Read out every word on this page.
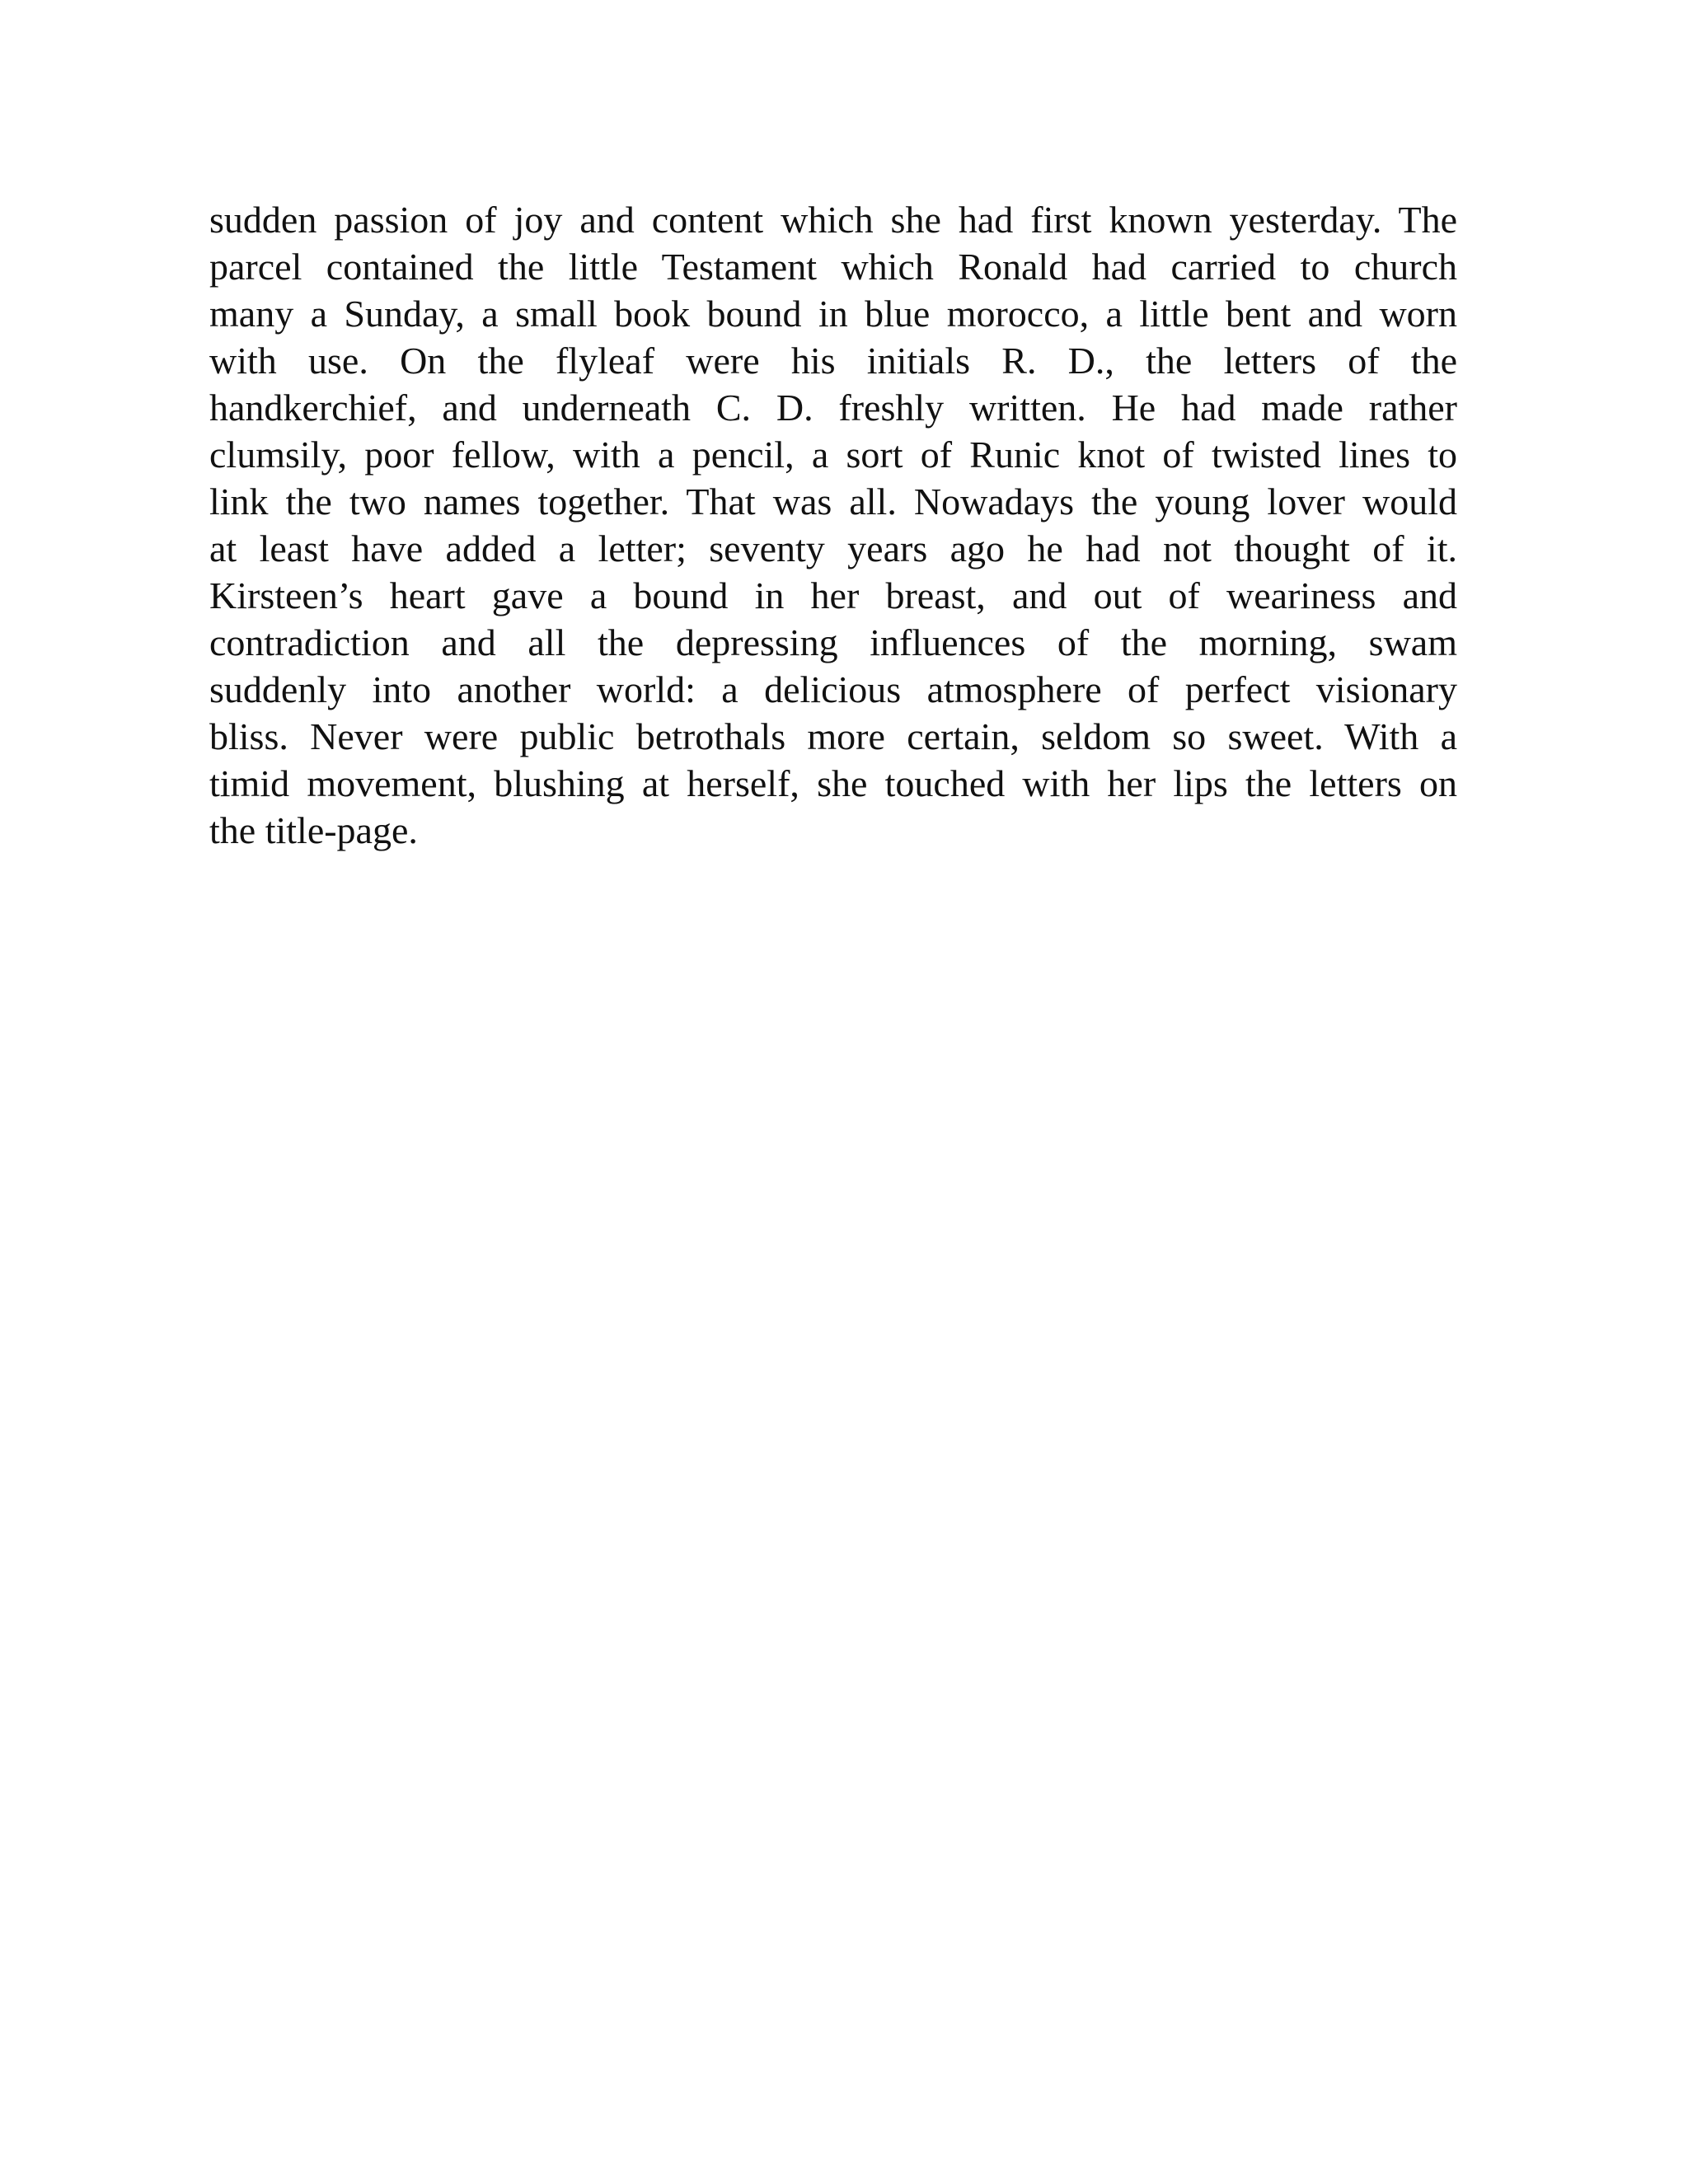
sudden passion of joy and content which she had first known yesterday. The
parcel contained the little Testament which Ronald had carried to church
many a Sunday, a small book bound in blue morocco, a little bent and worn
with use. On the flyleaf were his initials R. D., the letters of the
handkerchief, and underneath C. D. freshly written. He had made rather
clumsily, poor fellow, with a pencil, a sort of Runic knot of twisted lines to
link the two names together. That was all. Nowadays the young lover would
at least have added a letter; seventy years ago he had not thought of it.
Kirsteen’s heart gave a bound in her breast, and out of weariness and
contradiction and all the depressing influences of the morning, swam
suddenly into another world: a delicious atmosphere of perfect visionary
bliss. Never were public betrothals more certain, seldom so sweet. With a
timid movement, blushing at herself, she touched with her lips the letters on
the title-page.
